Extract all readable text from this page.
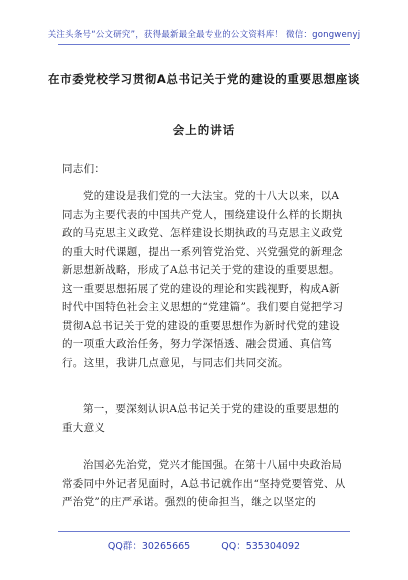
关注头条号“公文研究”，获得最新最全最专业的公文资料库！ 微信：gongwenyj
在市委党校学习贯彻A总书记关于党的建设的重要思想座谈
会上的讲话
同志们：
党的建设是我们党的一大法宝。党的十八大以来，以A同志为主要代表的中国共产党人，围绕建设什么样的长期执政的马克思主义政党、怎样建设长期执政的马克思主义政党的重大时代课题，提出一系列管党治党、兴党强党的新理念新思想新战略，形成了A总书记关于党的建设的重要思想。这一重要思想拓展了党的建设的理论和实践视野，构成A新时代中国特色社会主义思想的“党建篇”。我们要自觉把学习贯彻A总书记关于党的建设的重要思想作为新时代党的建设的一项重大政治任务，努力学深悟透、融会贯通、真信笃行。这里，我讲几点意见，与同志们共同交流。
第一，要深刻认识A总书记关于党的建设的重要思想的重大意义
治国必先治党，党兴才能国强。在第十八届中央政治局常委同中外记者见面时，A总书记就作出“坚持党要管党、从严治党”的庄严承诺。强烈的使命担当，继之以坚定的
QQ群：30265665	QQ：535304092
